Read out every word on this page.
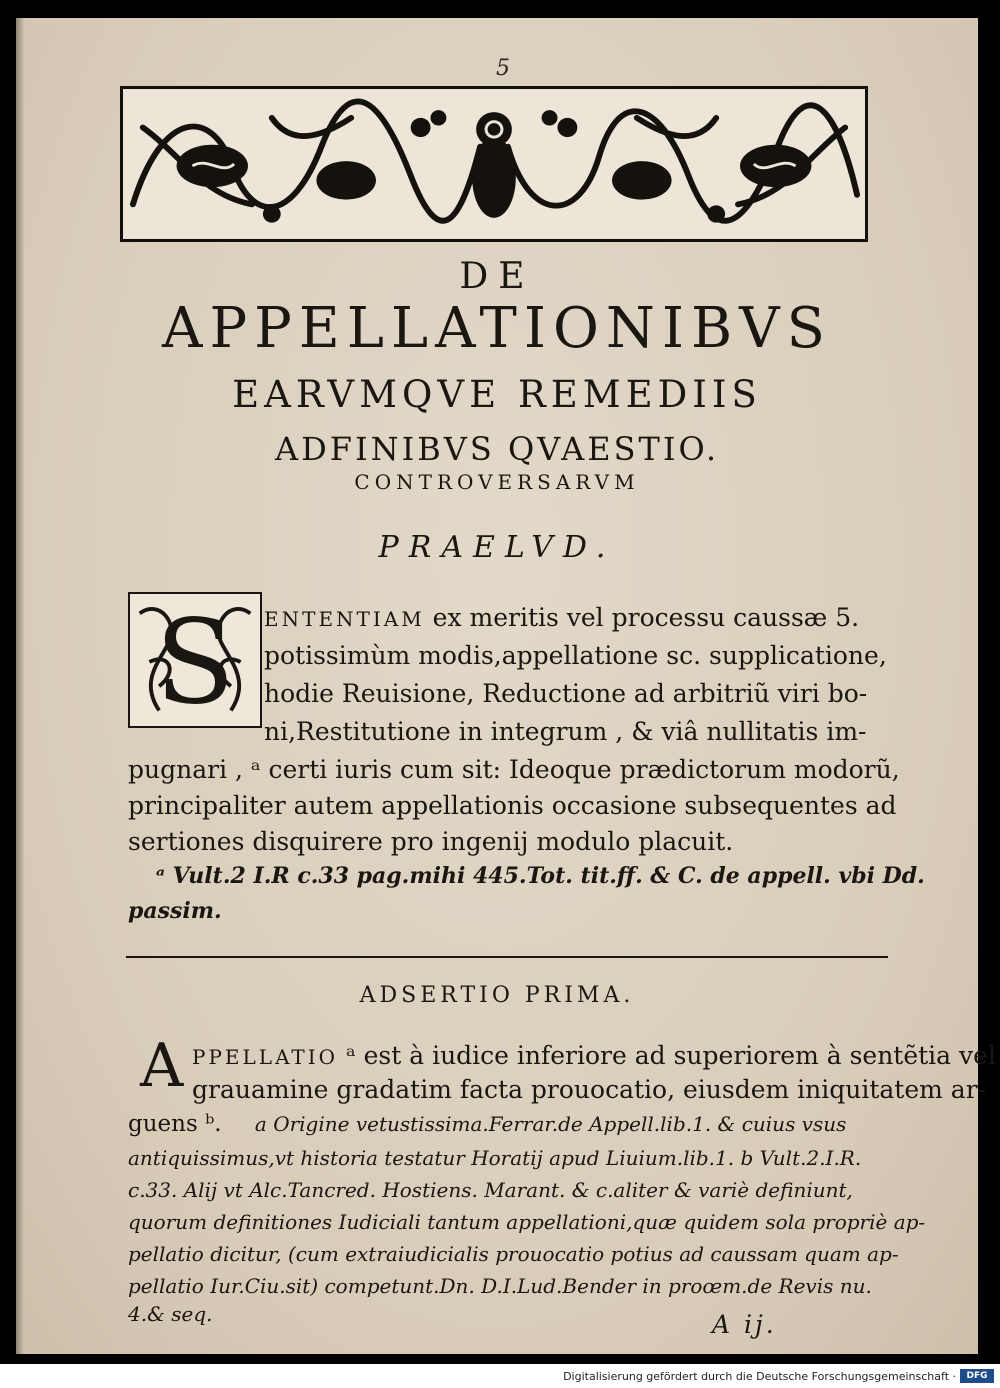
5
DE
APPELLATIONIBVS
EARVMQVE REMEDIIS
ADFINIBVS QVAESTIO.
CONTROVERSARVM
PRAELVD.
S ENTENTIAM ex meritis vel processu caussæ 5.
potissimùm modis,appellatione sc. supplicatione,
hodie Reuisione, Reductione ad arbitriũ viri bo-
ni,Restitutione in integrum , & viâ nullitatis im-
pugnari , ᵃ certi iuris cum sit: Ideoque prædictorum modorũ,
principaliter autem appellationis occasione subsequentes ad
sertiones disquirere pro ingenij modulo placuit.
ᵃ Vult.2 I.R c.33 pag.mihi 445.Tot. tit.ff. & C. de appell. vbi Dd.
passim.
ADSERTIO PRIMA.
A PPELLATIO ᵃ est à iudice inferiore ad superiorem à sentẽtia vel
grauamine gradatim facta prouocatio, eiusdem iniquitatem ar-
guens ᵇ. a Origine vetustissima.Ferrar.de Appell.lib.1. & cuius vsus
antiquissimus,vt historia testatur Horatij apud Liuium.lib.1. b Vult.2.I.R.
c.33. Alij vt Alc.Tancred. Hostiens. Marant. & c.aliter & variè definiunt,
quorum definitiones Iudiciali tantum appellationi,quæ quidem sola propriè ap-
pellatio dicitur, (cum extraiudicialis prouocatio potius ad caussam quam ap-
pellatio Iur.Ciu.sit) competunt.Dn. D.I.Lud.Bender in proœm.de Revis nu.
4.& seq.	A ij.
Digitalisierung gefördert durch die Deutsche Forschungsgemeinschaft ·	DFG
